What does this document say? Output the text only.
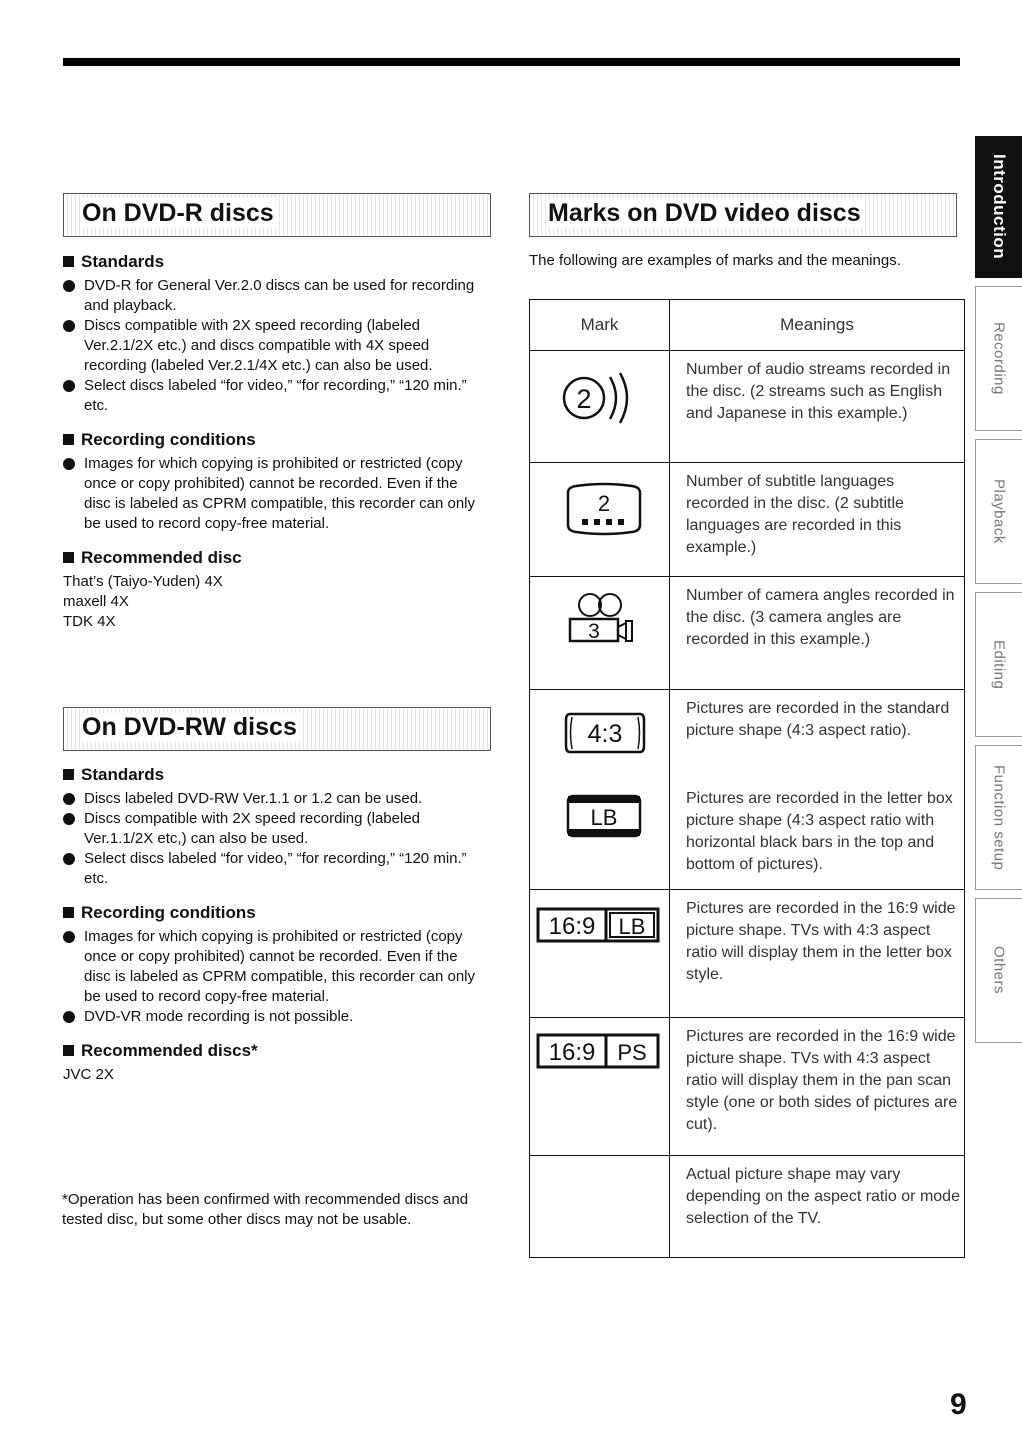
On DVD-R discs
Standards
DVD-R for General Ver.2.0 discs can be used for recording and playback.
Discs compatible with 2X speed recording (labeled Ver.2.1/2X etc.) and discs compatible with 4X speed recording (labeled Ver.2.1/4X etc.) can also be used.
Select discs labeled “for video,” “for recording,” “120 min.” etc.
Recording conditions
Images for which copying is prohibited or restricted (copy once or copy prohibited) cannot be recorded. Even if the disc is labeled as CPRM compatible, this recorder can only be used to record copy-free material.
Recommended disc
That’s (Taiyo-Yuden) 4X
maxell 4X
TDK 4X
On DVD-RW discs
Standards
Discs labeled DVD-RW Ver.1.1 or 1.2 can be used.
Discs compatible with 2X speed recording (labeled Ver.1.1/2X etc,) can also be used.
Select discs labeled “for video,” “for recording,” “120 min.” etc.
Recording conditions
Images for which copying is prohibited or restricted (copy once or copy prohibited) cannot be recorded. Even if the disc is labeled as CPRM compatible, this recorder can only be used to record copy-free material.
DVD-VR mode recording is not possible.
Recommended discs*
JVC 2X
*Operation has been confirmed with recommended discs and tested disc, but some other discs may not be usable.
Marks on DVD video discs
The following are examples of marks and the meanings.
Mark	Meanings

2	Number of audio streams recorded in the disc. (2 streams such as English and Japanese in this example.)

2	Number of subtitle languages recorded in the disc. (2 subtitle languages are recorded in this example.)

3	Number of camera angles recorded in the disc. (3 camera angles are recorded in this example.)

4:3	Pictures are recorded in the standard picture shape (4:3 aspect ratio).

LB	Pictures are recorded in the letter box picture shape (4:3 aspect ratio with horizontal black bars in the top and bottom of pictures).

16:9 LB	Pictures are recorded in the 16:9 wide picture shape. TVs with 4:3 aspect ratio will display them in the letter box style.

16:9 PS	Pictures are recorded in the 16:9 wide picture shape. TVs with 4:3 aspect ratio will display them in the pan scan style (one or both sides of pictures are cut).
	Actual picture shape may vary depending on the aspect ratio or mode selection of the TV.
Introduction
Recording
Playback
Editing
Function setup
Others
9
